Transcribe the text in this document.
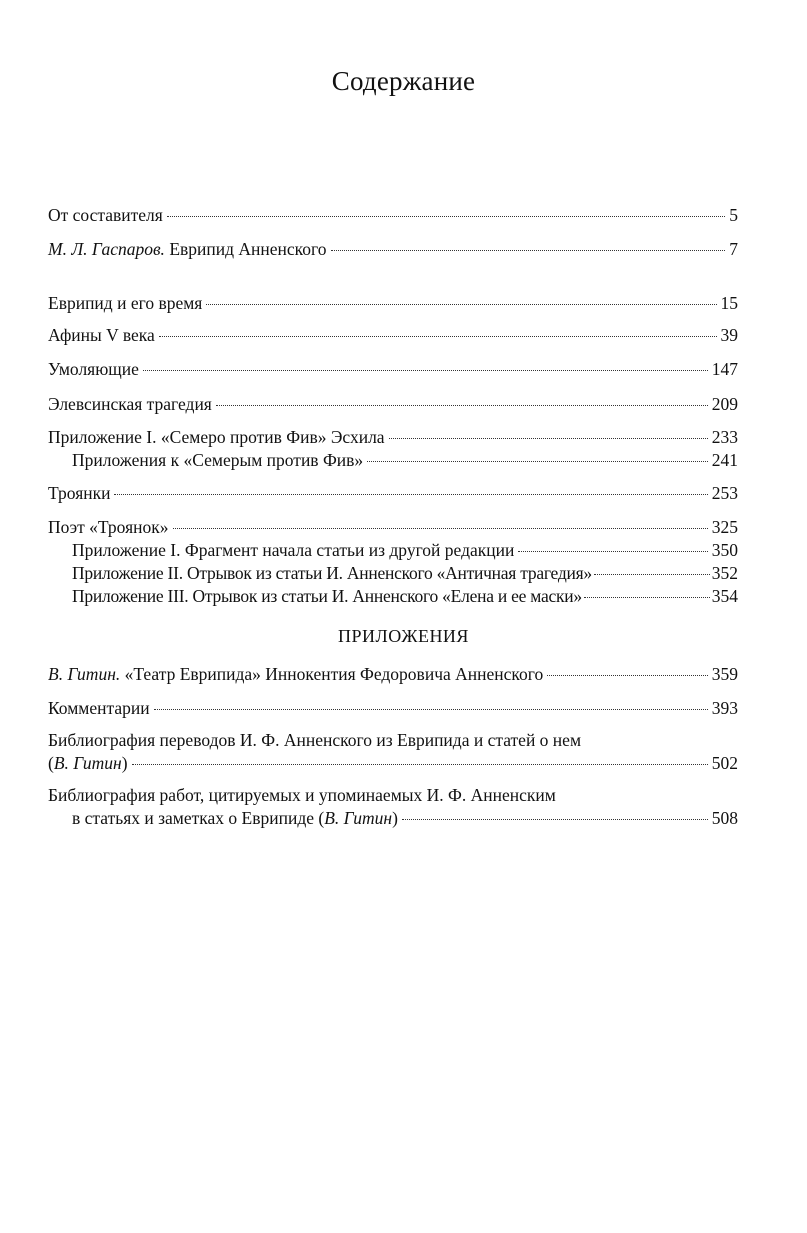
Содержание
От составителя	5
М. Л. Гаспаров. Еврипид Анненского	7
Еврипид и его время	15
Афины V века	39
Умоляющие	147
Элевсинская трагедия	209
Приложение I. «Семеро против Фив» Эсхила	233
Приложения к «Семерым против Фив»	241
Троянки	253
Поэт «Троянок»	325
Приложение I. Фрагмент начала статьи из другой редакции	350
Приложение II. Отрывок из статьи И. Анненского «Античная трагедия»	352
Приложение III. Отрывок из статьи И. Анненского «Елена и ее маски»	354
В. Гитин. «Театр Еврипида» Иннокентия Федоровича Анненского	359
Комментарии	393
Библиография переводов И. Ф. Анненского из Еврипида и статей о нем
(В. Гитин)	502
Библиография работ, цитируемых и упоминаемых И. Ф. Анненским
в статьях и заметках о Еврипиде (В. Гитин)	508
ПРИЛОЖЕНИЯ
